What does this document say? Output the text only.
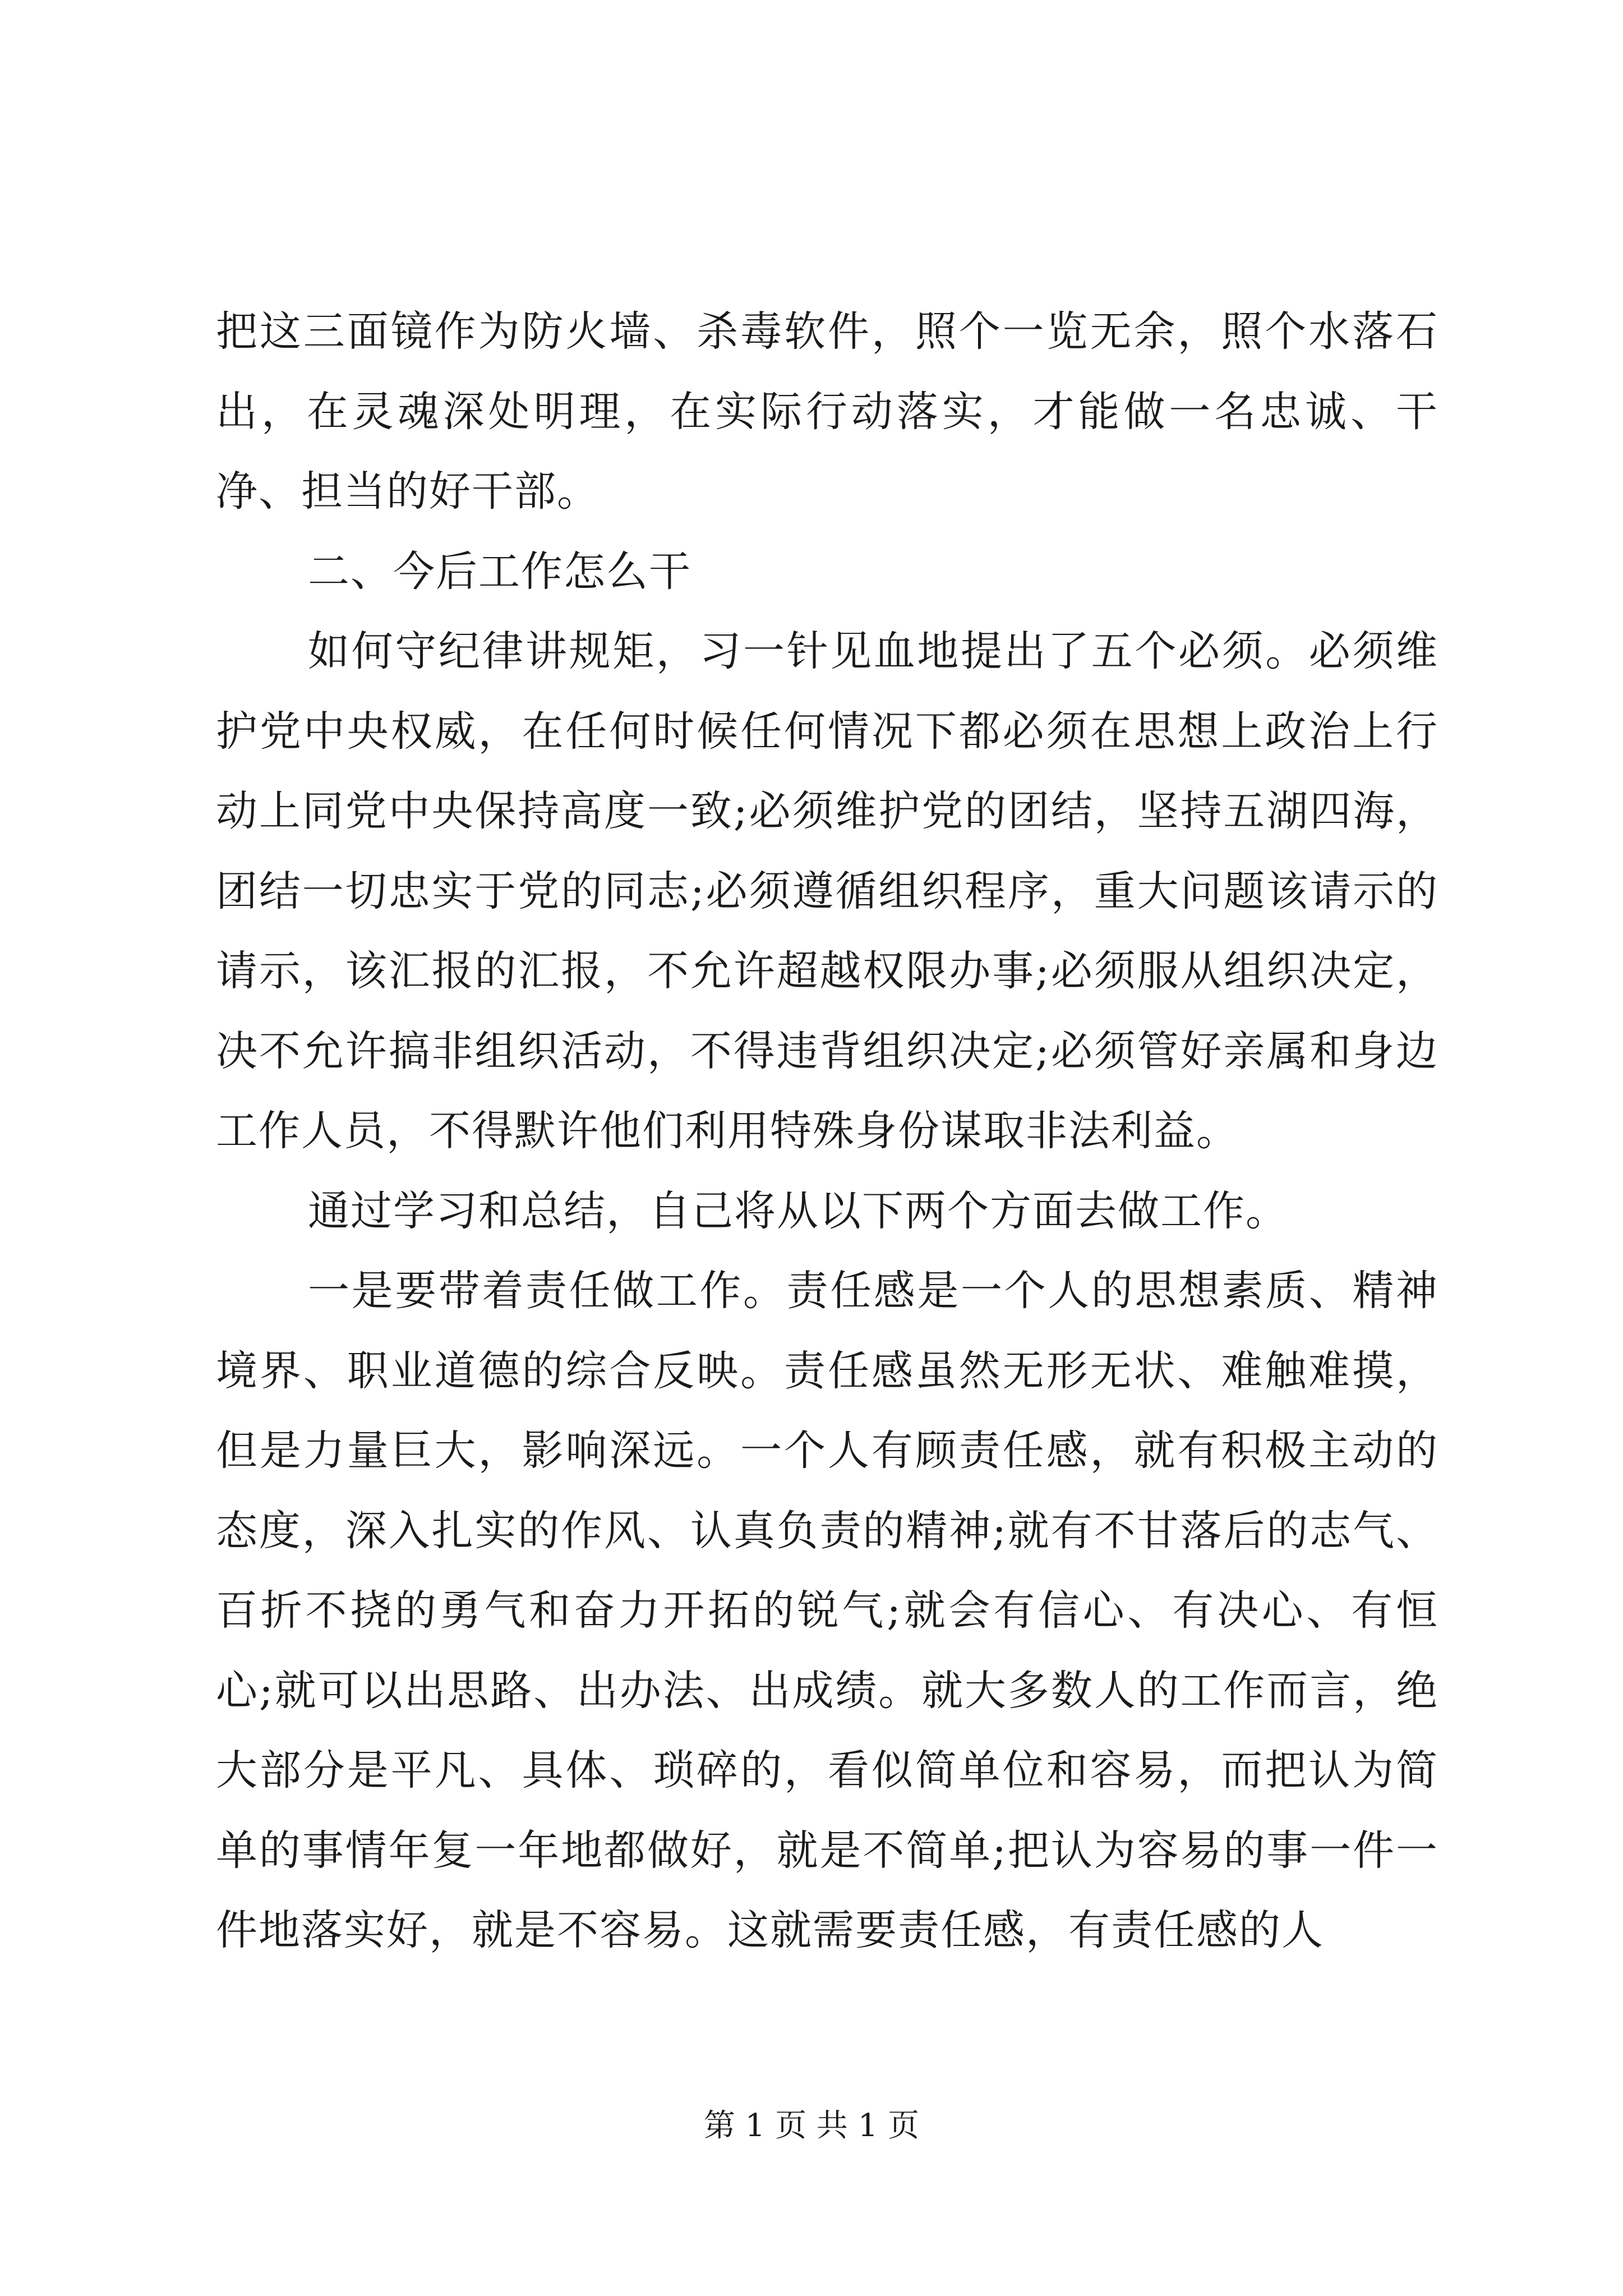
把这三面镜作为防火墙、杀毒软件，照个一览无余，照个水落石出，在灵魂深处明理，在实际行动落实，才能做一名忠诚、干净、担当的好干部。

二、今后工作怎么干

如何守纪律讲规矩，习一针见血地提出了五个必须。必须维护党中央权威，在任何时候任何情况下都必须在思想上政治上行动上同党中央保持高度一致;必须维护党的团结，坚持五湖四海，团结一切忠实于党的同志;必须遵循组织程序，重大问题该请示的请示，该汇报的汇报，不允许超越权限办事;必须服从组织决定，决不允许搞非组织活动，不得违背组织决定;必须管好亲属和身边工作人员，不得默许他们利用特殊身份谋取非法利益。

通过学习和总结，自己将从以下两个方面去做工作。

一是要带着责任做工作。责任感是一个人的思想素质、精神境界、职业道德的综合反映。责任感虽然无形无状、难触难摸，但是力量巨大，影响深远。一个人有顾责任感，就有积极主动的态度，深入扎实的作风、认真负责的精神;就有不甘落后的志气、百折不挠的勇气和奋力开拓的锐气;就会有信心、有决心、有恒心;就可以出思路、出办法、出成绩。就大多数人的工作而言，绝大部分是平凡、具体、琐碎的，看似简单位和容易，而把认为简单的事情年复一年地都做好，就是不简单;把认为容易的事一件一件地落实好，就是不容易。这就需要责任感，有责任感的人

第 1 页 共 1 页
